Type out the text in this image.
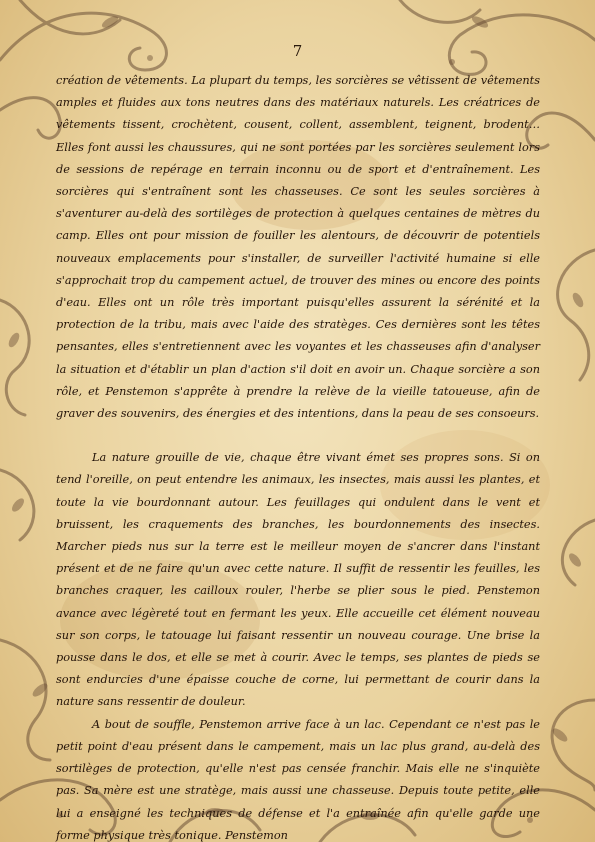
7

création de vêtements. La plupart du temps, les sorcières se vêtissent de vêtements amples et fluides aux tons neutres dans des matériaux naturels. Les créatrices de vêtements tissent, crochètent, cousent, collent, assemblent, teignent, brodent… Elles font aussi les chaussures, qui ne sont portées par les sorcières seulement lors de sessions de repérage en terrain inconnu ou de sport et d'entraînement. Les sorcières qui s'entraînent sont les chasseuses. Ce sont les seules sorcières à s'aventurer au-delà des sortilèges de protection à quelques centaines de mètres du camp. Elles ont pour mission de fouiller les alentours, de découvrir de potentiels nouveaux emplacements pour s'installer, de surveiller l'activité humaine si elle s'approchait trop du campement actuel, de trouver des mines ou encore des points d'eau. Elles ont un rôle très important puisqu'elles assurent la sérénité et la protection de la tribu, mais avec l'aide des stratèges. Ces dernières sont les têtes pensantes, elles s'entretiennent avec les voyantes et les chasseuses afin d'analyser la situation et d'établir un plan d'action s'il doit en avoir un. Chaque sorcière a son rôle, et Penstemon s'apprête à prendre la relève de la vieille tatoueuse, afin de graver des souvenirs, des énergies et des intentions, dans la peau de ses consoeurs.

La nature grouille de vie, chaque être vivant émet ses propres sons. Si on tend l'oreille, on peut entendre les animaux, les insectes, mais aussi les plantes, et toute la vie bourdonnant autour. Les feuillages qui ondulent dans le vent et bruissent, les craquements des branches, les bourdonnements des insectes. Marcher pieds nus sur la terre est le meilleur moyen de s'ancrer dans l'instant présent et de ne faire qu'un avec cette nature. Il suffit de ressentir les feuilles, les branches craquer, les cailloux rouler, l'herbe se plier sous le pied. Penstemon avance avec légèreté tout en fermant les yeux. Elle accueille cet élément nouveau sur son corps, le tatouage lui faisant ressentir un nouveau courage. Une brise la pousse dans le dos, et elle se met à courir. Avec le temps, ses plantes de pieds se sont endurcies d'une épaisse couche de corne, lui permettant de courir dans la nature sans ressentir de douleur.

A bout de souffle, Penstemon arrive face à un lac. Cependant ce n'est pas le petit point d'eau présent dans le campement, mais un lac plus grand, au-delà des sortilèges de protection, qu'elle n'est pas censée franchir. Mais elle ne s'inquiète pas. Sa mère est une stratège, mais aussi une chasseuse. Depuis toute petite, elle lui a enseigné les techniques de défense et l'a entraînée afin qu'elle garde une forme physique très tonique. Penstemon
